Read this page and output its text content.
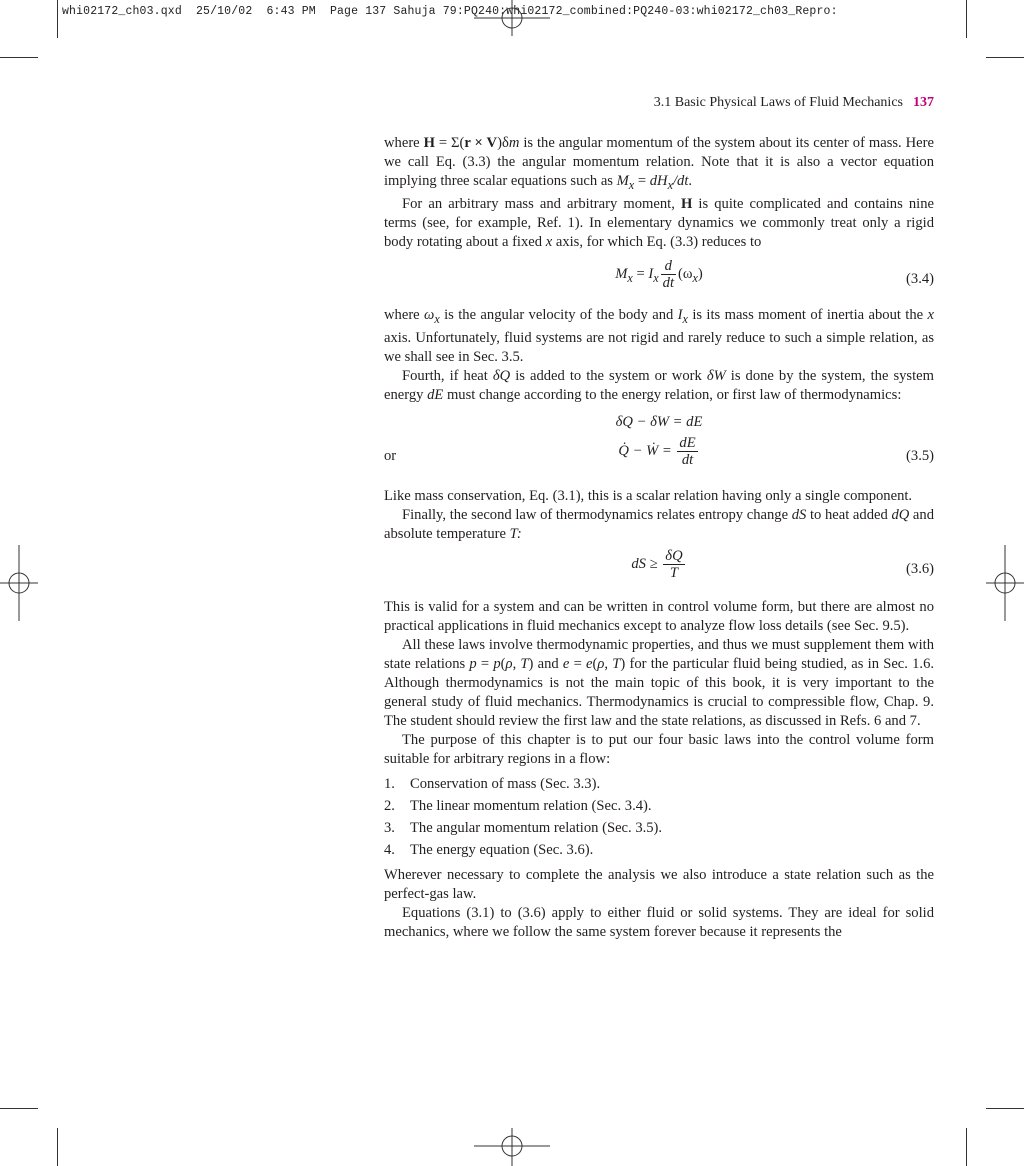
whi02172_ch03.qxd  25/10/02  6:43 PM  Page 137 Sahuja 79:PQ240:whi02172_combined:PQ240-03:whi02172_ch03_Repro:
3.1 Basic Physical Laws of Fluid Mechanics 137

where H = Σ(r × V)δm is the angular momentum of the system about its center of mass. Here we call Eq. (3.3) the angular momentum relation. Note that it is also a vector equation implying three scalar equations such as $M_x = dH_x/dt$.

For an arbitrary mass and arbitrary moment, H is quite complicated and contains nine terms (see, for example, Ref. 1). In elementary dynamics we commonly treat only a rigid body rotating about a fixed x axis, for which Eq. (3.3) reduces to

$M_x = I_x \frac{d}{dt} (\omega_x)$	(3.4)

where $\omega_x$ is the angular velocity of the body and $I_x$ is its mass moment of inertia about the x axis. Unfortunately, fluid systems are not rigid and rarely reduce to such a simple relation, as we shall see in Sec. 3.5.

Fourth, if heat δQ is added to the system or work δW is done by the system, the system energy dE must change according to the energy relation, or first law of thermodynamics:

δQ − δW = dE
or	Q̇ − Ẇ = $\frac{dE}{dt}$	(3.5)

Like mass conservation, Eq. (3.1), this is a scalar relation having only a single component.

Finally, the second law of thermodynamics relates entropy change dS to heat added dQ and absolute temperature T:

dS ≥ $\frac{\delta Q}{T}$	(3.6)

This is valid for a system and can be written in control volume form, but there are almost no practical applications in fluid mechanics except to analyze flow loss details (see Sec. 9.5).

All these laws involve thermodynamic properties, and thus we must supplement them with state relations p = p(ρ, T) and e = e(ρ, T) for the particular fluid being studied, as in Sec. 1.6. Although thermodynamics is not the main topic of this book, it is very important to the general study of fluid mechanics. Thermodynamics is crucial to compressible flow, Chap. 9. The student should review the first law and the state relations, as discussed in Refs. 6 and 7.

The purpose of this chapter is to put our four basic laws into the control volume form suitable for arbitrary regions in a flow:

1. Conservation of mass (Sec. 3.3).
2. The linear momentum relation (Sec. 3.4).
3. The angular momentum relation (Sec. 3.5).
4. The energy equation (Sec. 3.6).

Wherever necessary to complete the analysis we also introduce a state relation such as the perfect-gas law.

Equations (3.1) to (3.6) apply to either fluid or solid systems. They are ideal for solid mechanics, where we follow the same system forever because it represents the
